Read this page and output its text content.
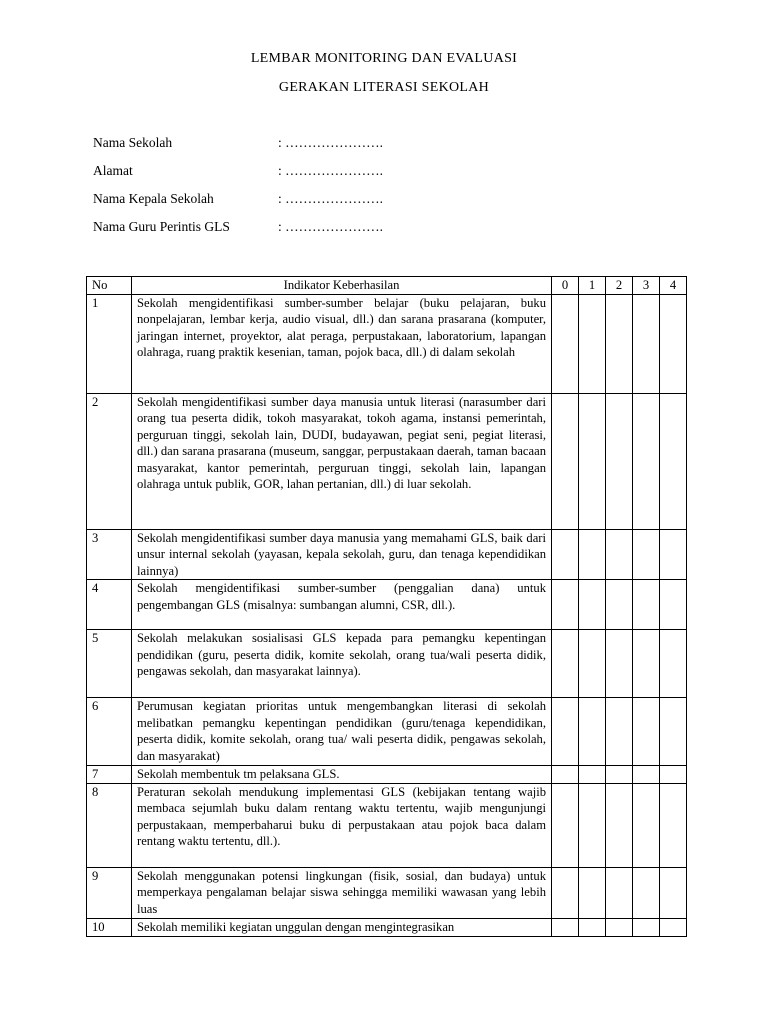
LEMBAR MONITORING DAN EVALUASI
GERAKAN LITERASI SEKOLAH
Nama Sekolah	: ………………….
Alamat	: ………………….
Nama Kepala Sekolah	: ………………….
Nama Guru Perintis GLS	: ………………….
No	Indikator Keberhasilan	0	1	2	3	4
1	Sekolah mengidentifikasi sumber-sumber belajar (buku pelajaran, buku nonpelajaran, lembar kerja, audio visual, dll.) dan sarana prasarana (komputer, jaringan internet, proyektor, alat peraga, perpustakaan, laboratorium, lapangan olahraga, ruang praktik kesenian, taman, pojok baca, dll.) di dalam sekolah					
2	Sekolah mengidentifikasi sumber daya manusia untuk literasi (narasumber dari orang tua peserta didik, tokoh masyarakat, tokoh agama, instansi pemerintah, perguruan tinggi, sekolah lain, DUDI, budayawan, pegiat seni, pegiat literasi, dll.) dan sarana prasarana (museum, sanggar, perpustakaan daerah, taman bacaan masyarakat, kantor pemerintah, perguruan tinggi, sekolah lain, lapangan olahraga untuk publik, GOR, lahan pertanian, dll.) di luar sekolah.					
3	Sekolah mengidentifikasi sumber daya manusia yang memahami GLS, baik dari unsur internal sekolah (yayasan, kepala sekolah, guru, dan tenaga kependidikan lainnya)					
4	Sekolah mengidentifikasi sumber-sumber (penggalian dana) untuk pengembangan GLS (misalnya: sumbangan alumni, CSR, dll.).					
5	Sekolah melakukan sosialisasi GLS kepada para pemangku kepentingan pendidikan (guru, peserta didik, komite sekolah, orang tua/wali peserta didik, pengawas sekolah, dan masyarakat lainnya).					
6	Perumusan kegiatan prioritas untuk mengembangkan literasi di sekolah melibatkan pemangku kepentingan pendidikan (guru/tenaga kependidikan, peserta didik, komite sekolah, orang tua/ wali peserta didik, pengawas sekolah, dan masyarakat)					
7	Sekolah membentuk tm pelaksana GLS.					
8	Peraturan sekolah mendukung implementasi GLS (kebijakan tentang wajib membaca sejumlah buku dalam rentang waktu tertentu, wajib mengunjungi perpustakaan, memperbaharui buku di perpustakaan atau pojok baca dalam rentang waktu tertentu, dll.).					
9	Sekolah menggunakan potensi lingkungan (fisik, sosial, dan budaya) untuk memperkaya pengalaman belajar siswa sehingga memiliki wawasan yang lebih luas					
10	Sekolah memiliki kegiatan unggulan dengan mengintegrasikan					
